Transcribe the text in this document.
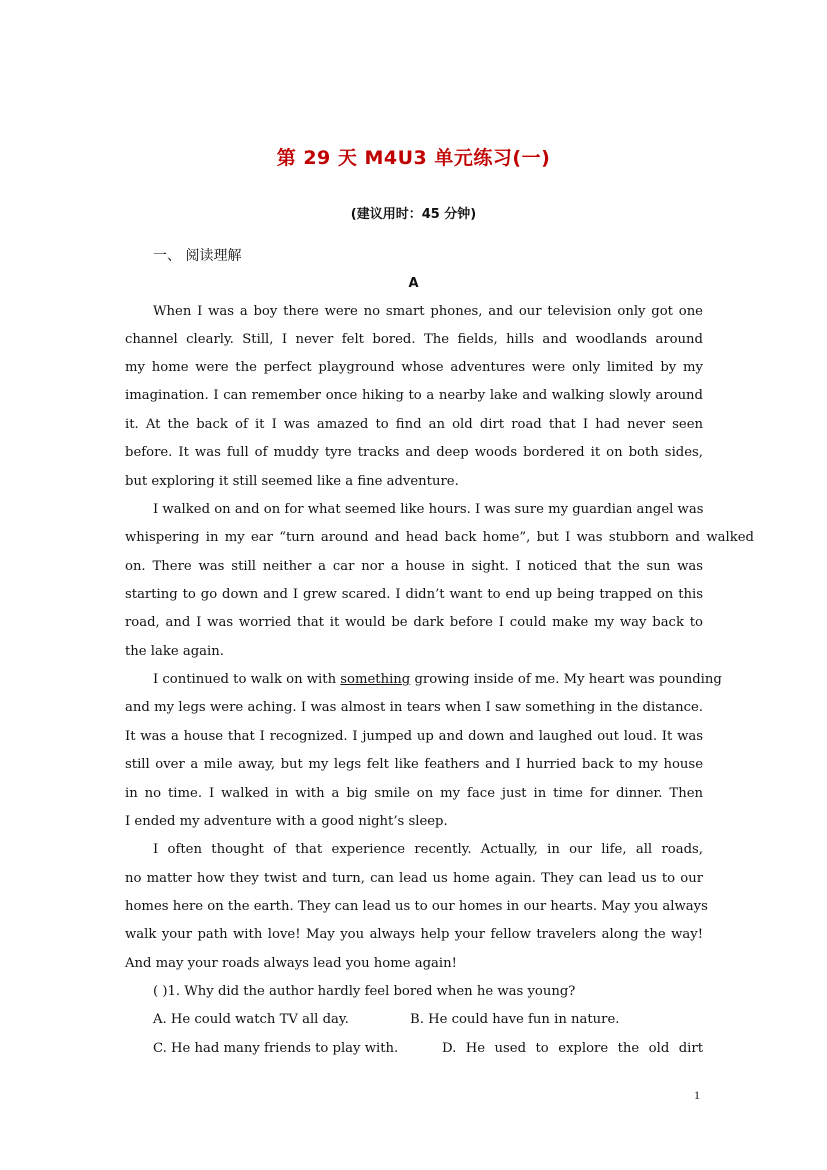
第 29 天 M4U3 单元练习(一)
(建议用时：45 分钟)
一、 阅读理解
A
When I was a boy there were no smart phones, and our television only got one
channel clearly. Still, I never felt bored. The fields, hills and woodlands around
my home were the perfect playground whose adventures were only limited by my
imagination. I can remember once hiking to a nearby lake and walking slowly around
it. At the back of it I was amazed to find an old dirt road that I had never seen
before. It was full of muddy tyre tracks and deep woods bordered it on both sides,
but exploring it still seemed like a fine adventure.
I walked on and on for what seemed like hours. I was sure my guardian angel was
whispering in my ear “turn around and head back home”, but I was stubborn and walked
on. There was still neither a car nor a house in sight. I noticed that the sun was
starting to go down and I grew scared. I didn’t want to end up being trapped on this
road, and I was worried that it would be dark before I could make my way back to
the lake again.
I continued to walk on with something growing inside of me. My heart was pounding
and my legs were aching. I was almost in tears when I saw something in the distance.
It was a house that I recognized. I jumped up and down and laughed out loud. It was
still over a mile away, but my legs felt like feathers and I hurried back to my house
in no time. I walked in with a big smile on my face just in time for dinner. Then
I ended my adventure with a good night’s sleep.
I often thought of that experience recently. Actually, in our life, all roads,
no matter how they twist and turn, can lead us home again. They can lead us to our
homes here on the earth. They can lead us to our homes in our hearts. May you always
walk your path with love! May you always help your fellow travelers along the way!
And may your roads always lead you home again!
( )1. Why did the author hardly feel bored when he was young?
A. He could watch TV all day.	B. He could have fun in nature.
C. He had many friends to play with.	D. He used to explore the old dirt
1
